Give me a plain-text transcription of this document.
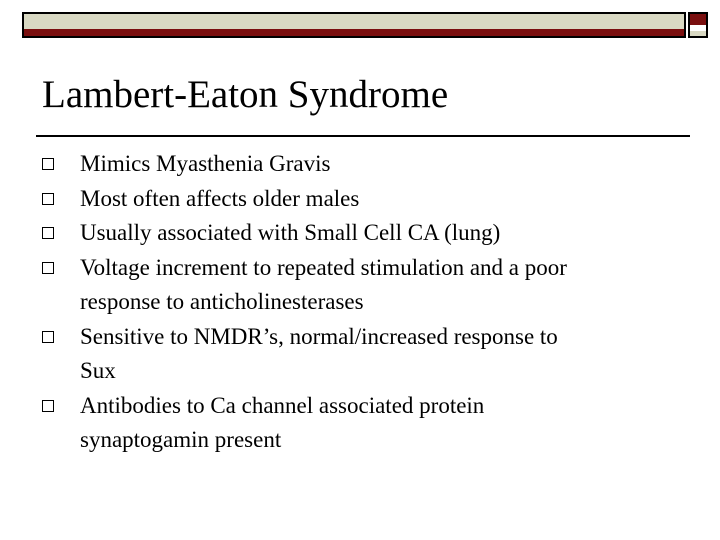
Lambert-Eaton Syndrome
Mimics Myasthenia Gravis
Most often affects older males
Usually associated with Small Cell CA (lung)
Voltage increment to repeated stimulation and a poor
response to anticholinesterases
Sensitive to NMDR’s, normal/increased response to
Sux
Antibodies to Ca channel associated protein
synaptogamin present
